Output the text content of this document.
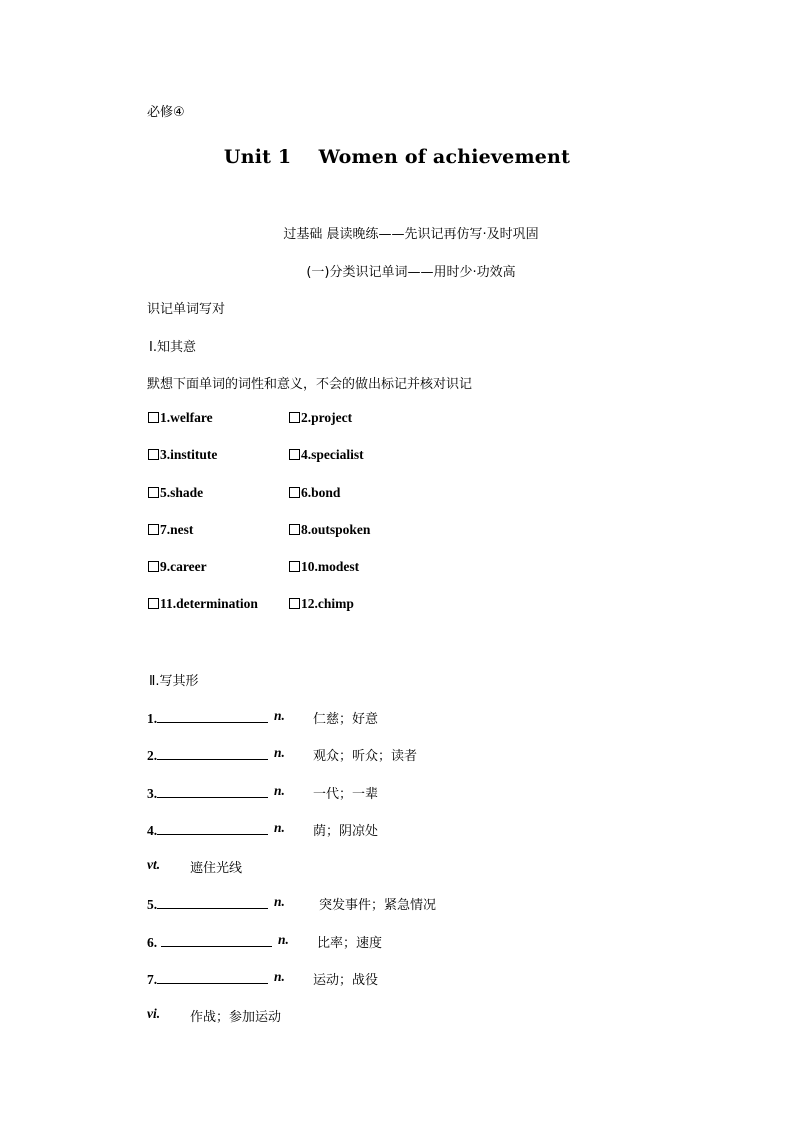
必修④
Unit 1    Women of achievement
过基础 晨读晚练——先识记再仿写·及时巩固
(一)分类识记单词——用时少·功效高
识记单词写对
Ⅰ.知其意
默想下面单词的词性和意义，不会的做出标记并核对识记
1.welfare	2.project
3.institute	4.specialist
5.shade	6.bond
7.nest	8.outspoken
9.career	10.modest
11.determination	12.chimp
Ⅱ.写其形
1.	n. 仁慈；好意
2.	n. 观众；听众；读者
3.	n. 一代；一辈
4.	n. 荫；阴凉处
vt. 遮住光线
5.	n.	突发事件；紧急情况
6.	n. 比率；速度
7.	n. 运动；战役
vi. 作战；参加运动
